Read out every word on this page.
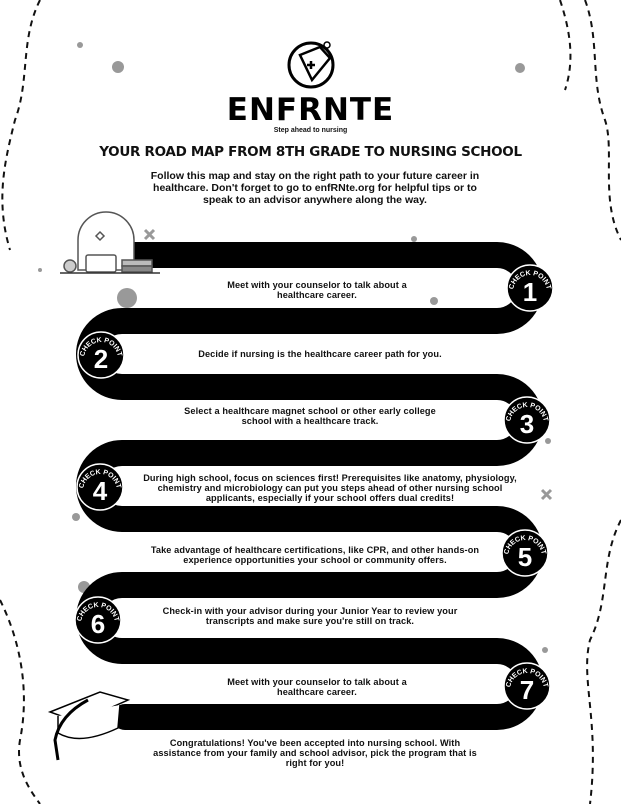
CHECK POINT
1
CHECK POINT
2
CHECK POINT
3
CHECK POINT
4
CHECK POINT
5
CHECK POINT
6
CHECK POINT
7
ENFRNTE
Step ahead to nursing
YOUR ROAD MAP FROM 8TH GRADE TO NURSING SCHOOL
Follow this map and stay on the right path to your future career in healthcare. Don't forget to go to enfRNte.org for helpful tips or to speak to an advisor anywhere along the way.
Meet with your counselor to talk about a healthcare career.
Decide if nursing is the healthcare career path for you.
Select a healthcare magnet school or other early college school with a healthcare track.
During high school, focus on sciences first! Prerequisites like anatomy, physiology, chemistry and microbiology can put you steps ahead of other nursing school applicants, especially if your school offers dual credits!
Take advantage of healthcare certifications, like CPR, and other hands-on experience opportunities your school or community offers.
Check-in with your advisor during your Junior Year to review your transcripts and make sure you're still on track.
Meet with your counselor to talk about a healthcare career.
Congratulations! You've been accepted into nursing school. With assistance from your family and school advisor, pick the program that is right for you!
